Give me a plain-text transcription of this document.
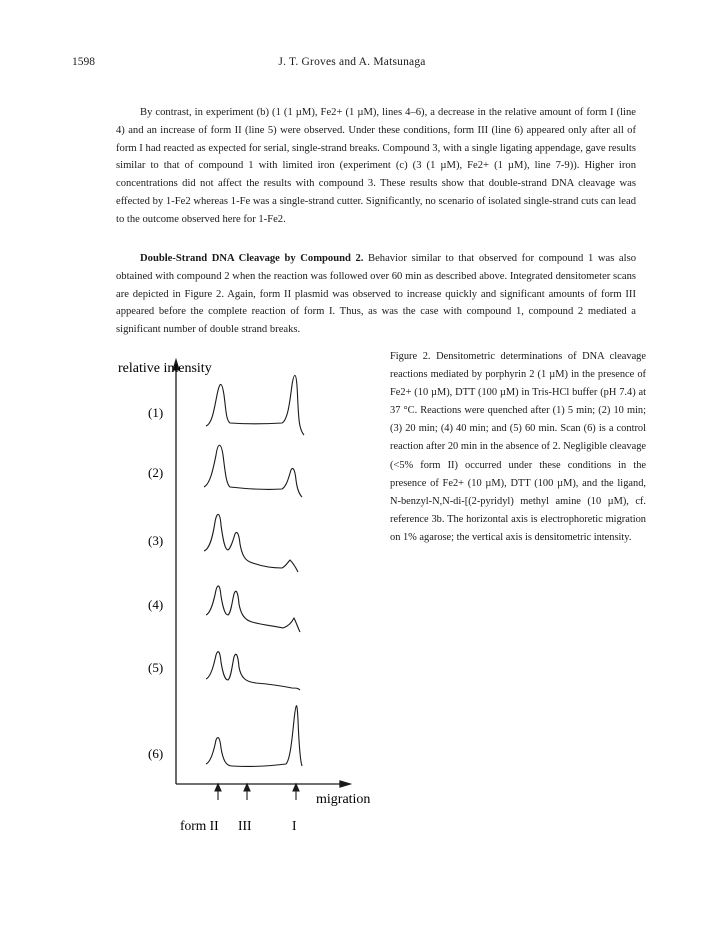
1598	J. T. Groves and A. Matsunaga

By contrast, in experiment (b) (1 (1 µM), Fe2+ (1 µM), lines 4–6), a decrease in the relative amount of form I (line 4) and an increase of form II (line 5) were observed. Under these conditions, form III (line 6) appeared only after all of form I had reacted as expected for serial, single-strand breaks. Compound 3, with a single ligating appendage, gave results similar to that of compound 1 with limited iron (experiment (c) (3 (1 µM), Fe2+ (1 µM), line 7-9)). Higher iron concentrations did not affect the results with compound 3. These results show that double-strand DNA cleavage was effected by 1-Fe2 whereas 1-Fe was a single-strand cutter. Significantly, no scenario of isolated single-strand cuts can lead to the outcome observed here for 1-Fe2.

Double-Strand DNA Cleavage by Compound 2. Behavior similar to that observed for compound 1 was also obtained with compound 2 when the reaction was followed over 60 min as described above. Integrated densitometer scans are depicted in Figure 2. Again, form II plasmid was observed to increase quickly and significant amounts of form III appeared before the complete reaction of form I. Thus, as was the case with compound 1, compound 2 mediated a significant number of double strand breaks.

relative intensity
migration
(1)
(2)
(3)
(4)
(5)
(6)
form II III	I

Figure 2. Densitometric determinations of DNA cleavage reactions mediated by porphyrin 2 (1 µM) in the presence of Fe2+ (10 µM), DTT (100 µM) in Tris-HCl buffer (pH 7.4) at 37 °C. Reactions were quenched after (1) 5 min; (2) 10 min; (3) 20 min; (4) 40 min; and (5) 60 min. Scan (6) is a control reaction after 20 min in the absence of 2. Negligible cleavage (<5% form II) occurred under these conditions in the presence of Fe2+ (10 µM), DTT (100 µM), and the ligand, N-benzyl-N,N-di-[(2-pyridyl) methyl amine (10 µM), cf. reference 3b. The horizontal axis is electrophoretic migration on 1% agarose; the vertical axis is densitometric intensity.
